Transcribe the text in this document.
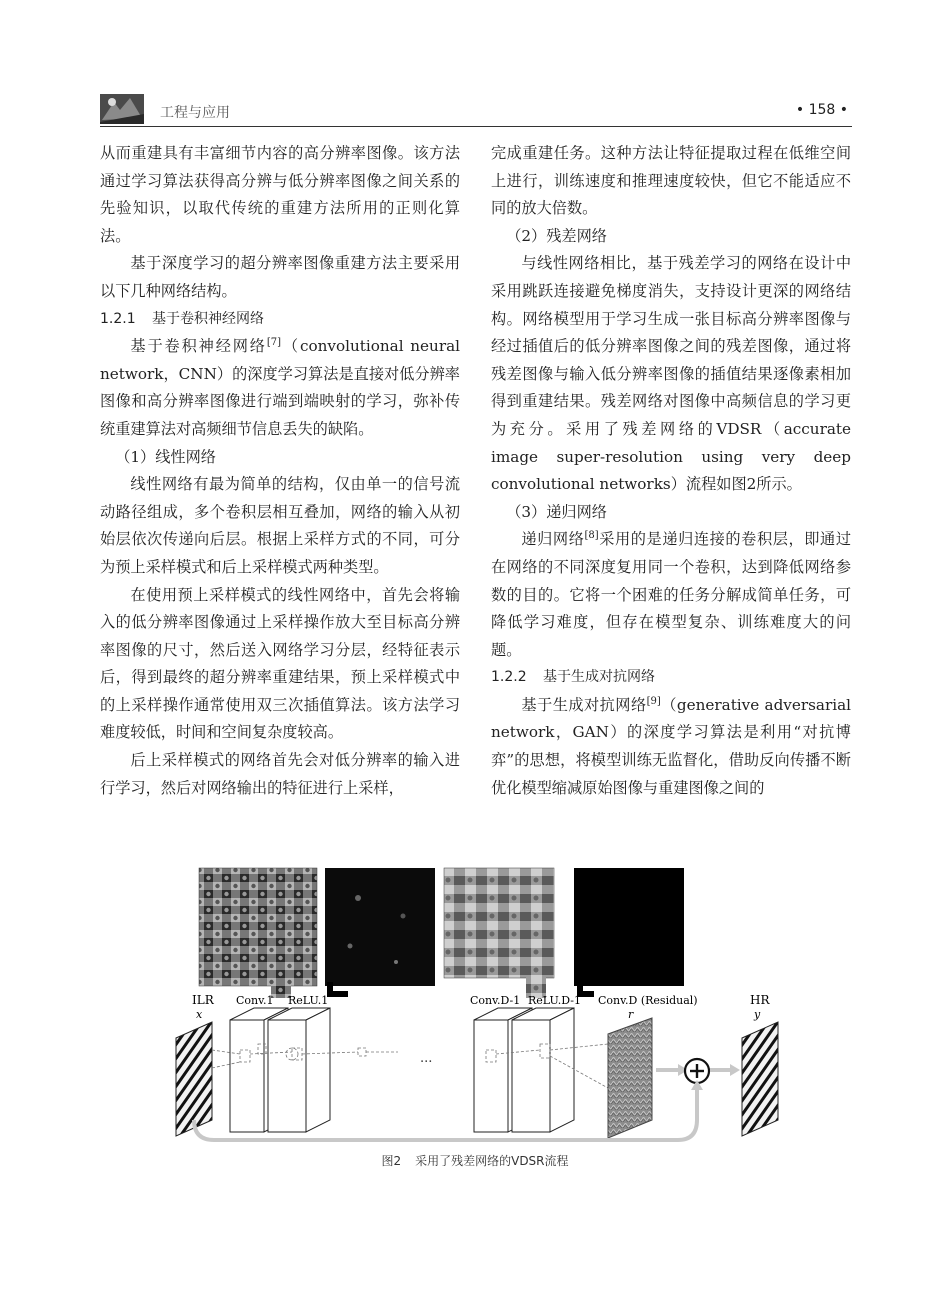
工程与应用	• 158 •

从而重建具有丰富细节内容的高分辨率图像。该方法通过学习算法获得高分辨与低分辨率图像之间关系的先验知识，以取代传统的重建方法所用的正则化算法。

基于深度学习的超分辨率图像重建方法主要采用以下几种网络结构。

1.2.1 基于卷积神经网络

基于卷积神经网络[7]（convolutional neural network，CNN）的深度学习算法是直接对低分辨率图像和高分辨率图像进行端到端映射的学习，弥补传统重建算法对高频细节信息丢失的缺陷。

（1）线性网络

线性网络有最为简单的结构，仅由单一的信号流动路径组成，多个卷积层相互叠加，网络的输入从初始层依次传递向后层。根据上采样方式的不同，可分为预上采样模式和后上采样模式两种类型。

在使用预上采样模式的线性网络中，首先会将输入的低分辨率图像通过上采样操作放大至目标高分辨率图像的尺寸，然后送入网络学习分层，经特征表示后，得到最终的超分辨率重建结果，预上采样模式中的上采样操作通常使用双三次插值算法。该方法学习难度较低，时间和空间复杂度较高。

后上采样模式的网络首先会对低分辨率的输入进行学习，然后对网络输出的特征进行上采样，

完成重建任务。这种方法让特征提取过程在低维空间上进行，训练速度和推理速度较快，但它不能适应不同的放大倍数。

（2）残差网络

与线性网络相比，基于残差学习的网络在设计中采用跳跃连接避免梯度消失，支持设计更深的网络结构。网络模型用于学习生成一张目标高分辨率图像与经过插值后的低分辨率图像之间的残差图像，通过将残差图像与输入低分辨率图像的插值结果逐像素相加得到重建结果。残差网络对图像中高频信息的学习更为充分。采用了残差网络的VDSR（accurate image super-resolution using very deep convolutional networks）流程如图2所示。

（3）递归网络

递归网络[8]采用的是递归连接的卷积层，即通过在网络的不同深度复用同一个卷积，达到降低网络参数的目的。它将一个困难的任务分解成简单任务，可降低学习难度，但存在模型复杂、训练难度大的问题。

1.2.2 基于生成对抗网络

基于生成对抗网络[9]（generative adversarial network，GAN）的深度学习算法是利用“对抗博弈”的思想，将模型训练无监督化，借助反向传播不断优化模型缩减原始图像与重建图像之间的

ILR
x
Conv.1 ReLU.1	Conv.D-1 ReLU.D-1 Conv.D (Residual)
r
HR
y
...
图2 采用了残差网络的VDSR流程
